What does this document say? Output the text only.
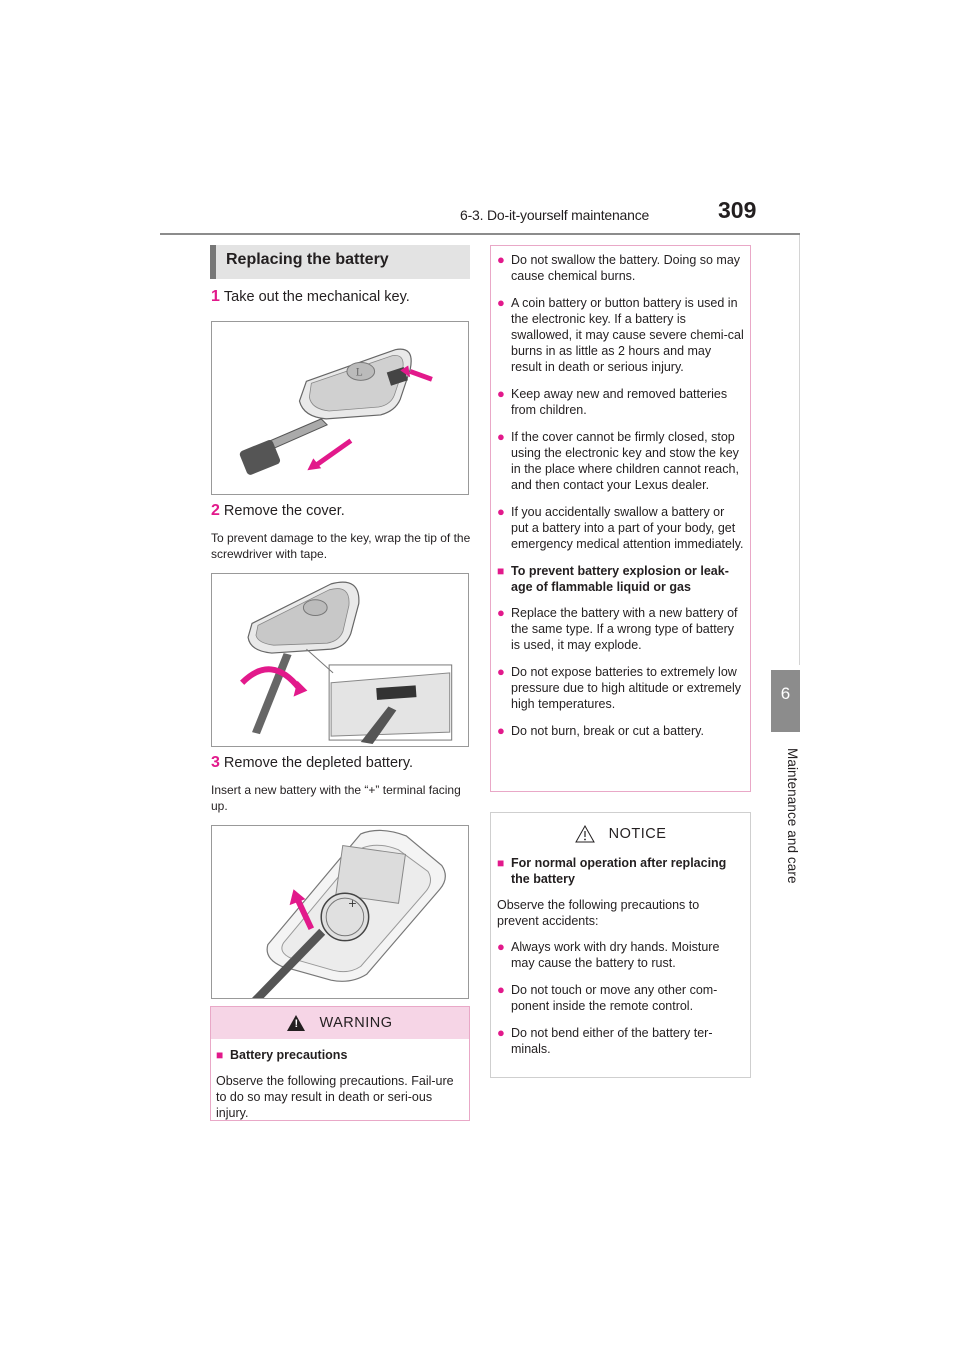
6-3. Do-it-yourself maintenance	309
6
Maintenance and care
Replacing the battery
1 Take out the mechanical key.
L
2 Remove the cover.
To prevent damage to the key, wrap the tip of the screwdriver with tape.
3 Remove the depleted battery.
Insert a new battery with the “+” terminal facing up.
+
!
WARNING
■ Battery precautions
Observe the following precautions. Fail-ure to do so may result in death or seri-ous injury.
● Do not swallow the battery. Doing so may cause chemical burns.
● A coin battery or button battery is used in the electronic key. If a battery is swallowed, it may cause severe chemi-cal burns in as little as 2 hours and may result in death or serious injury.
● Keep away new and removed batteries from children.
● If the cover cannot be firmly closed, stop using the electronic key and stow the key in the place where children cannot reach, and then contact your Lexus dealer.
● If you accidentally swallow a battery or put a battery into a part of your body, get emergency medical attention immediately.
■ To prevent battery explosion or leak-age of flammable liquid or gas
● Replace the battery with a new battery of the same type. If a wrong type of battery is used, it may explode.
● Do not expose batteries to extremely low pressure due to high altitude or extremely high temperatures.
● Do not burn, break or cut a battery.
NOTICE
■ For normal operation after replacing the battery
Observe the following precautions to prevent accidents:
● Always work with dry hands. Moisture may cause the battery to rust.
● Do not touch or move any other com-ponent inside the remote control.
● Do not bend either of the battery ter-minals.
